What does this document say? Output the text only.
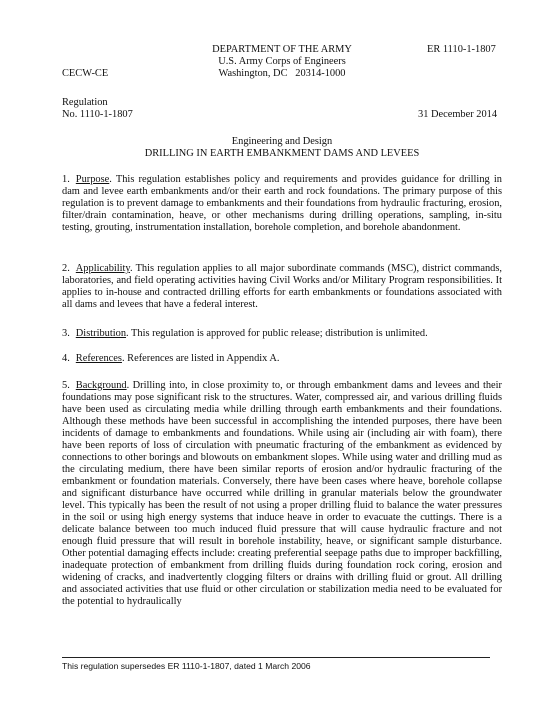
DEPARTMENT OF THE ARMY
U.S. Army Corps of Engineers
Washington, DC   20314-1000
ER 1110-1-1807
CECW-CE
Regulation
No. 1110-1-1807	31 December 2014
Engineering and Design
DRILLING IN EARTH EMBANKMENT DAMS AND LEVEES
1. Purpose. This regulation establishes policy and requirements and provides guidance for drilling in dam and levee earth embankments and/or their earth and rock foundations. The primary purpose of this regulation is to prevent damage to embankments and their foundations from hydraulic fracturing, erosion, filter/drain contamination, heave, or other mechanisms during drilling operations, sampling, in-situ testing, grouting, instrumentation installation, borehole completion, and borehole abandonment.
2. Applicability. This regulation applies to all major subordinate commands (MSC), district commands, laboratories, and field operating activities having Civil Works and/or Military Program responsibilities. It applies to in-house and contracted drilling efforts for earth embankments or foundations associated with all dams and levees that have a federal interest.
3. Distribution. This regulation is approved for public release; distribution is unlimited.
4. References. References are listed in Appendix A.
5. Background. Drilling into, in close proximity to, or through embankment dams and levees and their foundations may pose significant risk to the structures. Water, compressed air, and various drilling fluids have been used as circulating media while drilling through earth embankments and their foundations. Although these methods have been successful in accomplishing the intended purposes, there have been incidents of damage to embankments and foundations. While using air (including air with foam), there have been reports of loss of circulation with pneumatic fracturing of the embankment as evidenced by connections to other borings and blowouts on embankment slopes. While using water and drilling mud as the circulating medium, there have been similar reports of erosion and/or hydraulic fracturing of the embankment or foundation materials. Conversely, there have been cases where heave, borehole collapse and significant disturbance have occurred while drilling in granular materials below the groundwater level. This typically has been the result of not using a proper drilling fluid to balance the water pressures in the soil or using high energy systems that induce heave in order to evacuate the cuttings. There is a delicate balance between too much induced fluid pressure that will cause hydraulic fracture and not enough fluid pressure that will result in borehole instability, heave, or significant sample disturbance. Other potential damaging effects include: creating preferential seepage paths due to improper backfilling, inadequate protection of embankment from drilling fluids during foundation rock coring, erosion and widening of cracks, and inadvertently clogging filters or drains with drilling fluid or grout. All drilling and associated activities that use fluid or other circulation or stabilization media need to be evaluated for the potential to hydraulically
This regulation supersedes ER 1110-1-1807, dated 1 March 2006
